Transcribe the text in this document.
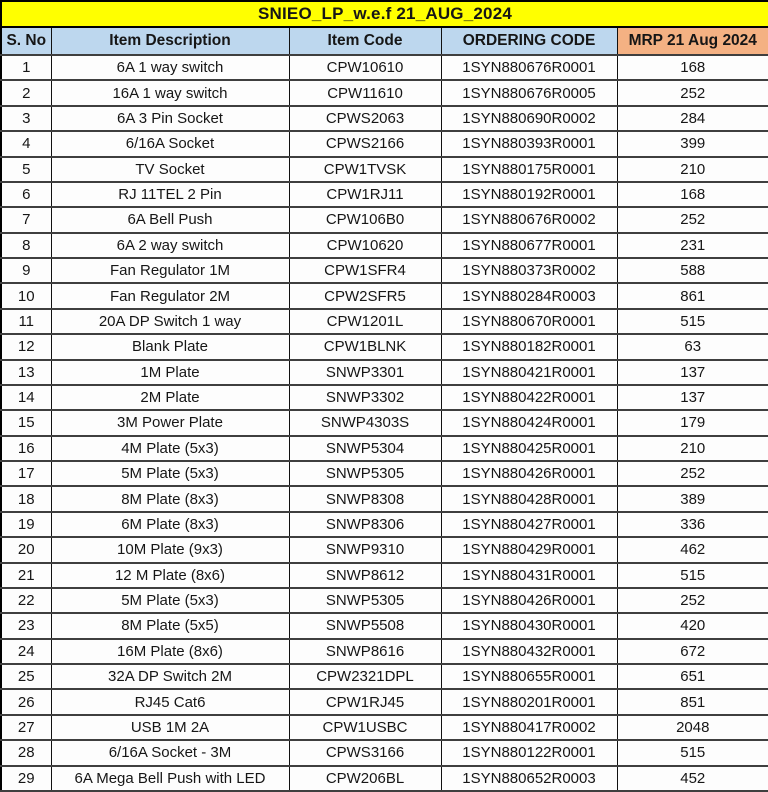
SNIEO_LP_w.e.f 21_AUG_2024				
S. No	Item Description	Item Code	ORDERING CODE	MRP 21 Aug 2024
1	6A 1 way switch	CPW10610	1SYN880676R0001	168
2	16A 1 way switch	CPW11610	1SYN880676R0005	252
3	6A 3 Pin Socket	CPWS2063	1SYN880690R0002	284
4	6/16A Socket	CPWS2166	1SYN880393R0001	399
5	TV Socket	CPW1TVSK	1SYN880175R0001	210
6	RJ 11TEL 2 Pin	CPW1RJ11	1SYN880192R0001	168
7	6A Bell Push	CPW106B0	1SYN880676R0002	252
8	6A 2 way switch	CPW10620	1SYN880677R0001	231
9	Fan Regulator 1M	CPW1SFR4	1SYN880373R0002	588
10	Fan Regulator 2M	CPW2SFR5	1SYN880284R0003	861
11	20A DP Switch 1 way	CPW1201L	1SYN880670R0001	515
12	Blank Plate	CPW1BLNK	1SYN880182R0001	63
13	1M Plate	SNWP3301	1SYN880421R0001	137
14	2M Plate	SNWP3302	1SYN880422R0001	137
15	3M Power Plate	SNWP4303S	1SYN880424R0001	179
16	4M Plate (5x3)	SNWP5304	1SYN880425R0001	210
17	5M Plate (5x3)	SNWP5305	1SYN880426R0001	252
18	8M Plate (8x3)	SNWP8308	1SYN880428R0001	389
19	6M Plate (8x3)	SNWP8306	1SYN880427R0001	336
20	10M Plate (9x3)	SNWP9310	1SYN880429R0001	462
21	12 M Plate (8x6)	SNWP8612	1SYN880431R0001	515
22	5M Plate (5x3)	SNWP5305	1SYN880426R0001	252
23	8M Plate (5x5)	SNWP5508	1SYN880430R0001	420
24	16M Plate (8x6)	SNWP8616	1SYN880432R0001	672
25	32A DP Switch 2M	CPW2321DPL	1SYN880655R0001	651
26	RJ45 Cat6	CPW1RJ45	1SYN880201R0001	851
27	USB 1M 2A	CPW1USBC	1SYN880417R0002	2048
28	6/16A Socket - 3M	CPWS3166	1SYN880122R0001	515
29	6A Mega Bell Push with LED	CPW206BL	1SYN880652R0003	452
